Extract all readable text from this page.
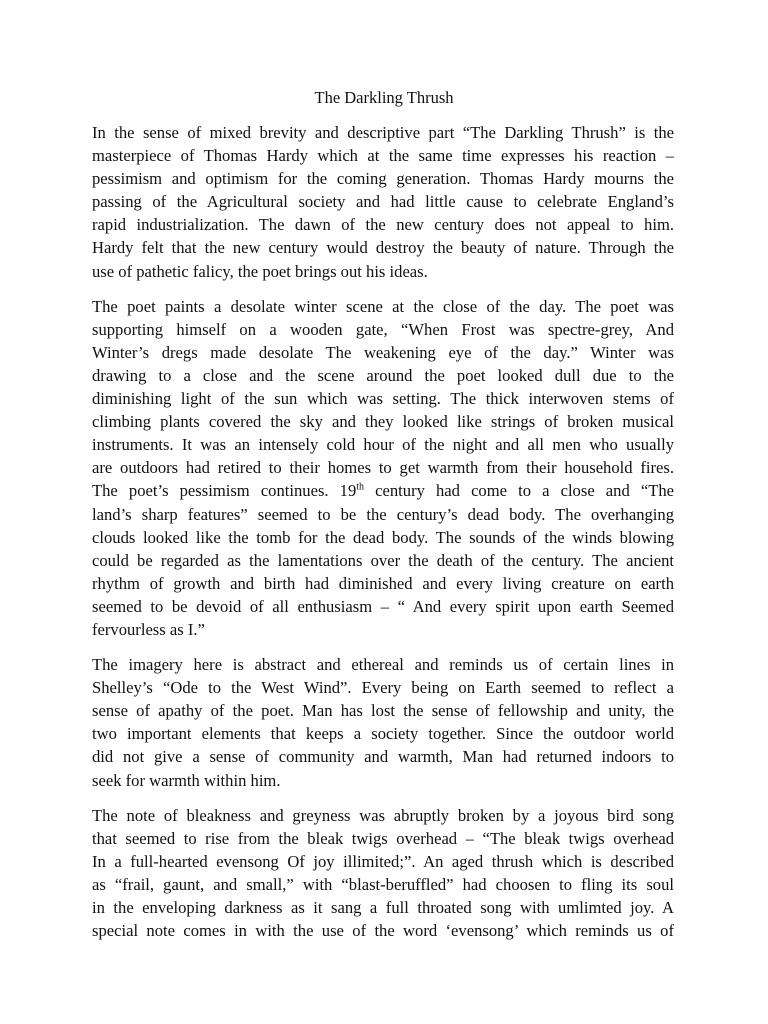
The Darkling Thrush

In the sense of mixed brevity and descriptive part “The Darkling Thrush” is the
masterpiece of Thomas Hardy which at the same time expresses his reaction –
pessimism and optimism for the coming generation. Thomas Hardy mourns the
passing of the Agricultural society and had little cause to celebrate England’s
rapid industrialization. The dawn of the new century does not appeal to him.
Hardy felt that the new century would destroy the beauty of nature. Through the
use of pathetic falicy, the poet brings out his ideas.

The poet paints a desolate winter scene at the close of the day. The poet was
supporting himself on a wooden gate, “When Frost was spectre-grey, And
Winter’s dregs made desolate The weakening eye of the day.” Winter was
drawing to a close and the scene around the poet looked dull due to the
diminishing light of the sun which was setting. The thick interwoven stems of
climbing plants covered the sky and they looked like strings of broken musical
instruments. It was an intensely cold hour of the night and all men who usually
are outdoors had retired to their homes to get warmth from their household fires.
The poet’s pessimism continues. 19th century had come to a close and “The
land’s sharp features” seemed to be the century’s dead body. The overhanging
clouds looked like the tomb for the dead body. The sounds of the winds blowing
could be regarded as the lamentations over the death of the century. The ancient
rhythm of growth and birth had diminished and every living creature on earth
seemed to be devoid of all enthusiasm – “ And every spirit upon earth Seemed
fervourless as I.”

The imagery here is abstract and ethereal and reminds us of certain lines in
Shelley’s “Ode to the West Wind”. Every being on Earth seemed to reflect a
sense of apathy of the poet. Man has lost the sense of fellowship and unity, the
two important elements that keeps a society together. Since the outdoor world
did not give a sense of community and warmth, Man had returned indoors to
seek for warmth within him.

The note of bleakness and greyness was abruptly broken by a joyous bird song
that seemed to rise from the bleak twigs overhead – “The bleak twigs overhead
In a full-hearted evensong Of joy illimited;”. An aged thrush which is described
as “frail, gaunt, and small,” with “blast-beruffled” had choosen to fling its soul
in the enveloping darkness as it sang a full throated song with umlimted joy. A
special note comes in with the use of the word ‘evensong’ which reminds us of
